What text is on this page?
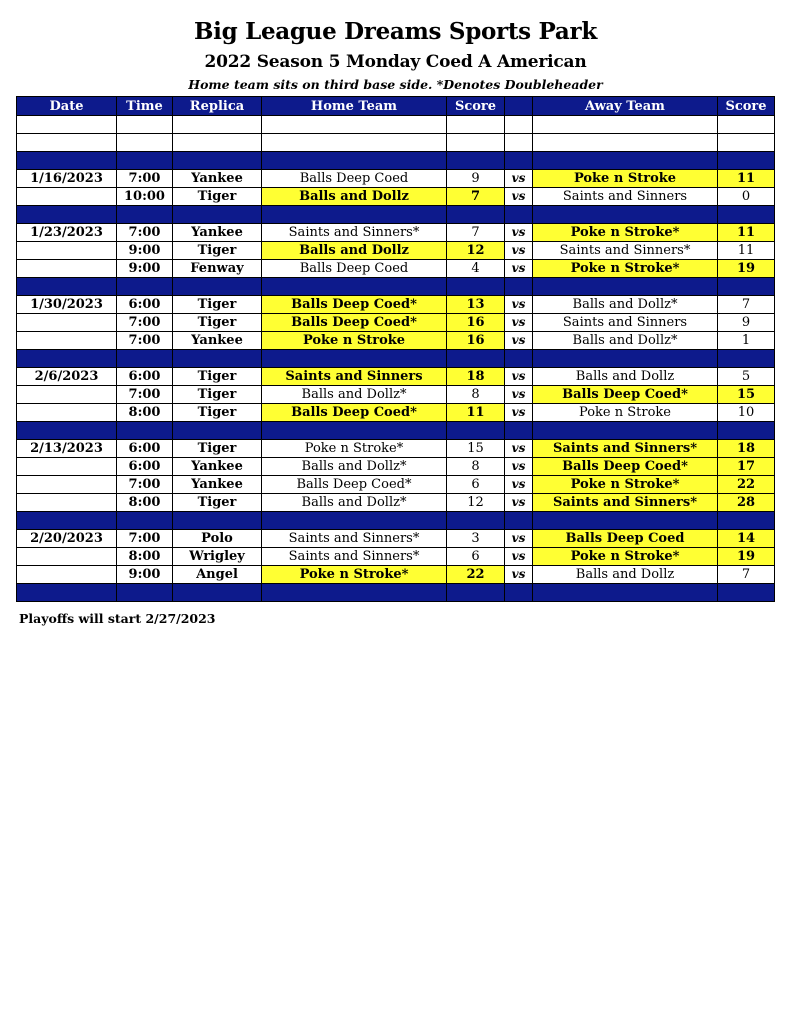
Big League Dreams Sports Park
2022 Season 5 Monday Coed A American
Home team sits on third base side. *Denotes Doubleheader
Date	Time	Replica	Home Team	Score		Away Team	Score

1/16/2023	7:00	Yankee	Balls Deep Coed	9	vs	Poke n Stroke	11
	10:00	Tiger	Balls and Dollz	7	vs	Saints and Sinners	0

1/23/2023	7:00	Yankee	Saints and Sinners*	7	vs	Poke n Stroke*	11
	9:00	Tiger	Balls and Dollz	12	vs	Saints and Sinners*	11
	9:00	Fenway	Balls Deep Coed	4	vs	Poke n Stroke*	19

1/30/2023	6:00	Tiger	Balls Deep Coed*	13	vs	Balls and Dollz*	7
	7:00	Tiger	Balls Deep Coed*	16	vs	Saints and Sinners	9
	7:00	Yankee	Poke n Stroke	16	vs	Balls and Dollz*	1

2/6/2023	6:00	Tiger	Saints and Sinners	18	vs	Balls and Dollz	5
	7:00	Tiger	Balls and Dollz*	8	vs	Balls Deep Coed*	15
	8:00	Tiger	Balls Deep Coed*	11	vs	Poke n Stroke	10

2/13/2023	6:00	Tiger	Poke n Stroke*	15	vs	Saints and Sinners*	18
	6:00	Yankee	Balls and Dollz*	8	vs	Balls Deep Coed*	17
	7:00	Yankee	Balls Deep Coed*	6	vs	Poke n Stroke*	22
	8:00	Tiger	Balls and Dollz*	12	vs	Saints and Sinners*	28

2/20/2023	7:00	Polo	Saints and Sinners*	3	vs	Balls Deep Coed	14
	8:00	Wrigley	Saints and Sinners*	6	vs	Poke n Stroke*	19
	9:00	Angel	Poke n Stroke*	22	vs	Balls and Dollz	7

Playoffs will start 2/27/2023
